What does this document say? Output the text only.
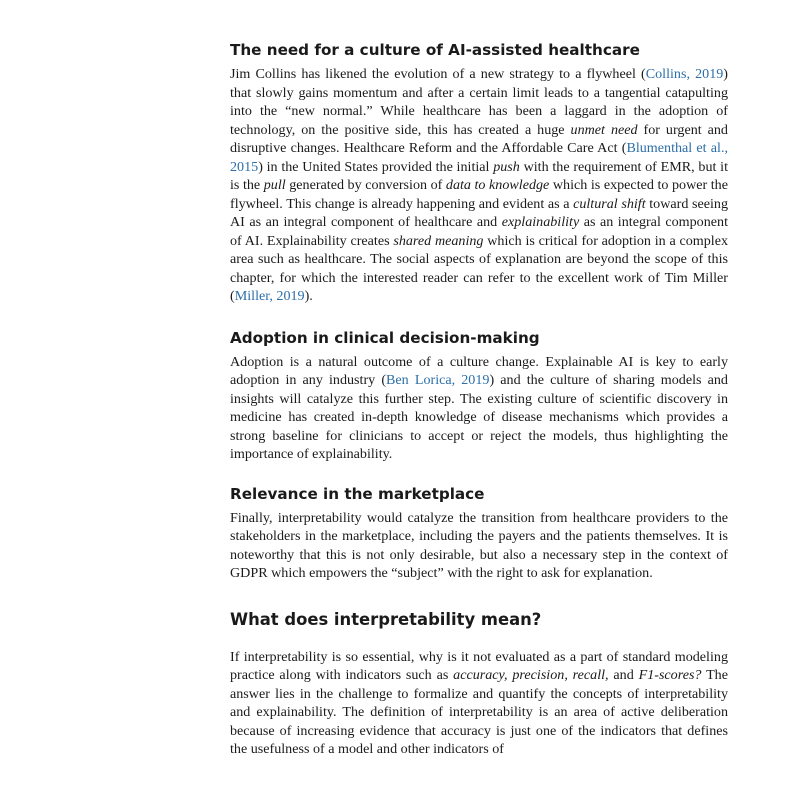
The need for a culture of AI-assisted healthcare

Jim Collins has likened the evolution of a new strategy to a flywheel (Collins, 2019) that slowly gains momentum and after a certain limit leads to a tangential catapulting into the “new normal.” While healthcare has been a laggard in the adoption of technology, on the positive side, this has created a huge unmet need for urgent and disruptive changes. Healthcare Reform and the Affordable Care Act (Blumenthal et al., 2015) in the United States provided the initial push with the requirement of EMR, but it is the pull generated by conversion of data to knowledge which is expected to power the flywheel. This change is already happening and evident as a cultural shift toward seeing AI as an integral component of healthcare and explainability as an integral component of AI. Explainability creates shared meaning which is critical for adoption in a complex area such as healthcare. The social aspects of explanation are beyond the scope of this chapter, for which the interested reader can refer to the excellent work of Tim Miller (Miller, 2019).

Adoption in clinical decision-making

Adoption is a natural outcome of a culture change. Explainable AI is key to early adoption in any industry (Ben Lorica, 2019) and the culture of sharing models and insights will catalyze this further step. The existing culture of scientific discovery in medicine has created in-depth knowledge of disease mechanisms which provides a strong baseline for clinicians to accept or reject the models, thus highlighting the importance of explainability.

Relevance in the marketplace

Finally, interpretability would catalyze the transition from healthcare providers to the stakeholders in the marketplace, including the payers and the patients themselves. It is noteworthy that this is not only desirable, but also a necessary step in the context of GDPR which empowers the “subject” with the right to ask for explanation.

What does interpretability mean?

If interpretability is so essential, why is it not evaluated as a part of standard modeling practice along with indicators such as accuracy, precision, recall, and F1-scores? The answer lies in the challenge to formalize and quantify the concepts of interpretability and explainability. The definition of interpretability is an area of active deliberation because of increasing evidence that accuracy is just one of the indicators that defines the usefulness of a model and other indicators of
